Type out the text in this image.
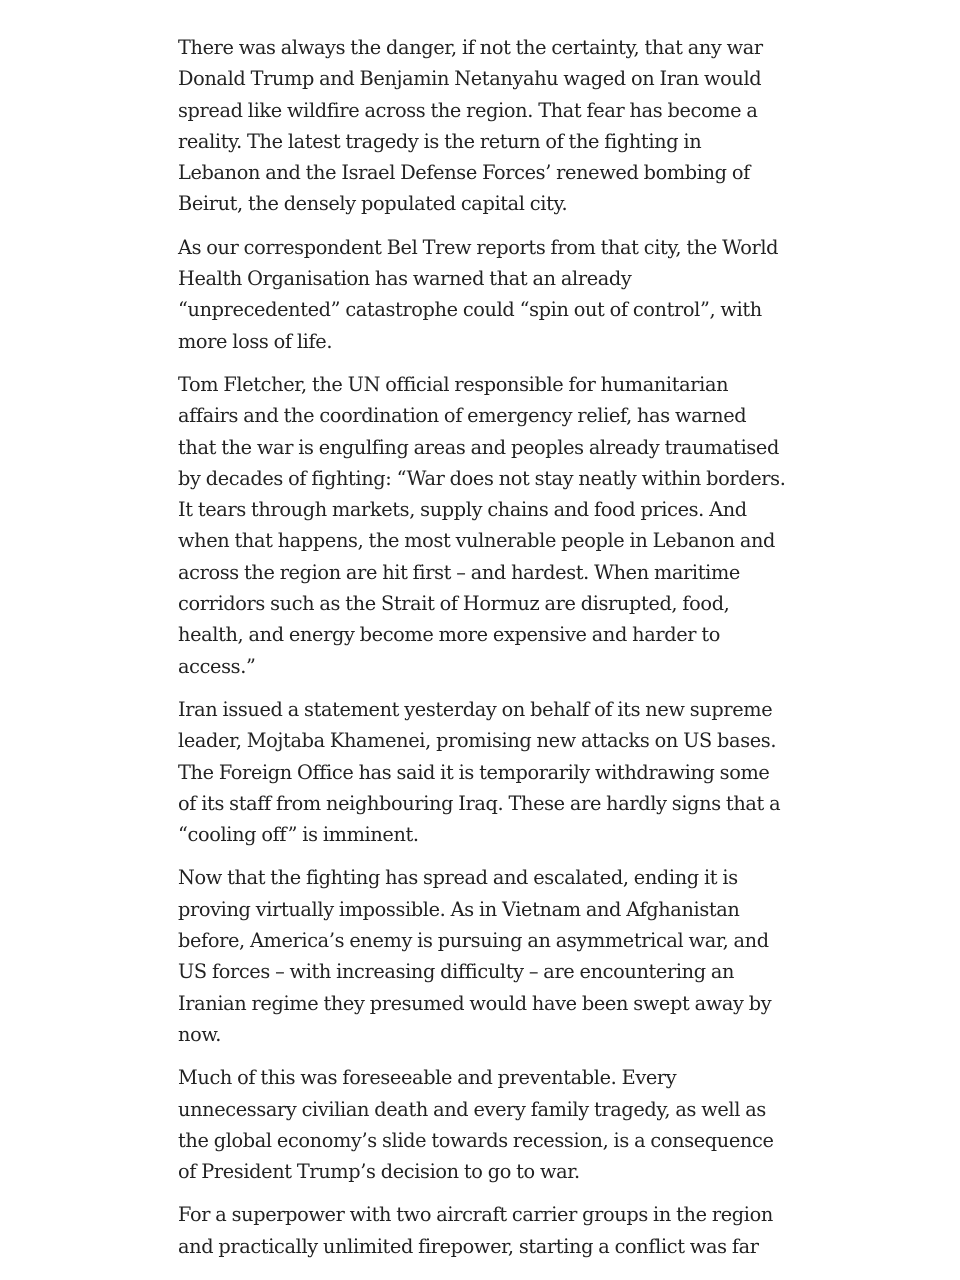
There was always the danger, if not the certainty, that any war Donald Trump and Benjamin Netanyahu waged on Iran would spread like wildfire across the region. That fear has become a reality. The latest tragedy is the return of the fighting in Lebanon and the Israel Defense Forces’ renewed bombing of Beirut, the densely populated capital city.

As our correspondent Bel Trew reports from that city, the World Health Organisation has warned that an already “unprecedented” catastrophe could “spin out of control”, with more loss of life.

Tom Fletcher, the UN official responsible for humanitarian affairs and the coordination of emergency relief, has warned that the war is engulfing areas and peoples already traumatised by decades of fighting: “War does not stay neatly within borders. It tears through markets, supply chains and food prices. And when that happens, the most vulnerable people in Lebanon and across the region are hit first – and hardest. When maritime corridors such as the Strait of Hormuz are disrupted, food, health, and energy become more expensive and harder to access.”

Iran issued a statement yesterday on behalf of its new supreme leader, Mojtaba Khamenei, promising new attacks on US bases. The Foreign Office has said it is temporarily withdrawing some of its staff from neighbouring Iraq. These are hardly signs that a “cooling off” is imminent.

Now that the fighting has spread and escalated, ending it is proving virtually impossible. As in Vietnam and Afghanistan before, America’s enemy is pursuing an asymmetrical war, and US forces – with increasing difficulty – are encountering an Iranian regime they presumed would have been swept away by now.

Much of this was foreseeable and preventable. Every unnecessary civilian death and every family tragedy, as well as the global economy’s slide towards recession, is a consequence of President Trump’s decision to go to war.

For a superpower with two aircraft carrier groups in the region and practically unlimited firepower, starting a conflict was far
